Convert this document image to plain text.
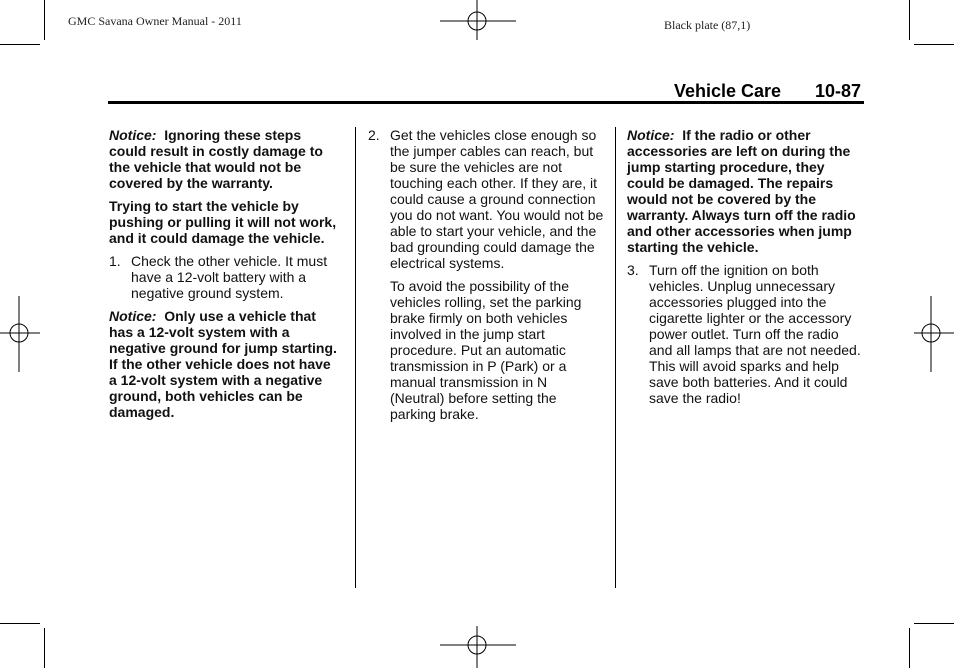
GMC Savana Owner Manual - 2011	Black plate (87,1)
Vehicle Care 10-87

Notice: Ignoring these steps could result in costly damage to the vehicle that would not be covered by the warranty.

Trying to start the vehicle by pushing or pulling it will not work, and it could damage the vehicle.

1. Check the other vehicle. It must have a 12-volt battery with a negative ground system.

Notice: Only use a vehicle that has a 12-volt system with a negative ground for jump starting. If the other vehicle does not have a 12-volt system with a negative ground, both vehicles can be damaged.

2. Get the vehicles close enough so the jumper cables can reach, but be sure the vehicles are not touching each other. If they are, it could cause a ground connection you do not want. You would not be able to start your vehicle, and the bad grounding could damage the electrical systems.

To avoid the possibility of the vehicles rolling, set the parking brake firmly on both vehicles involved in the jump start procedure. Put an automatic transmission in P (Park) or a manual transmission in N (Neutral) before setting the parking brake.

Notice: If the radio or other accessories are left on during the jump starting procedure, they could be damaged. The repairs would not be covered by the warranty. Always turn off the radio and other accessories when jump starting the vehicle.

3. Turn off the ignition on both vehicles. Unplug unnecessary accessories plugged into the cigarette lighter or the accessory power outlet. Turn off the radio and all lamps that are not needed. This will avoid sparks and help save both batteries. And it could save the radio!
